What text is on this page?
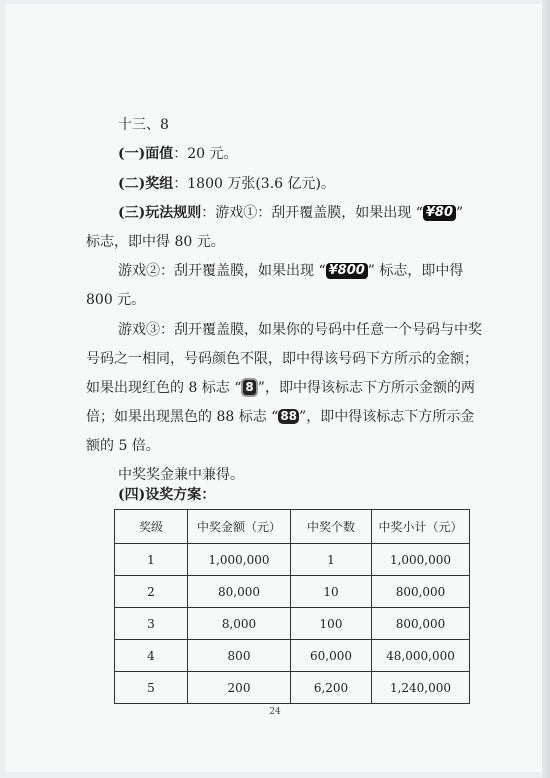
十三、8
(一)面值：20 元。
(二)奖组：1800 万张(3.6 亿元)。
(三)玩法规则：游戏①：刮开覆盖膜，如果出现 “ ¥80 ”
标志，即中得 80 元。
游戏②：刮开覆盖膜，如果出现 “ ¥800 ” 标志，即中得
800 元。
游戏③：刮开覆盖膜，如果你的号码中任意一个号码与中奖
号码之一相同，号码颜色不限，即中得该号码下方所示的金额；
如果出现红色的 8 标志 “ 8 ”，即中得该标志下方所示金额的两
倍；如果出现黑色的 88 标志 “ 88 ”，即中得该标志下方所示金
额的 5 倍。
中奖奖金兼中兼得。
(四)设奖方案：
奖级	中奖金额（元）	中奖个数	中奖小计（元）
1	1,000,000	1	1,000,000
2	80,000	10	800,000
3	8,000	100	800,000
4	800	60,000	48,000,000
5	200	6,200	1,240,000
24
